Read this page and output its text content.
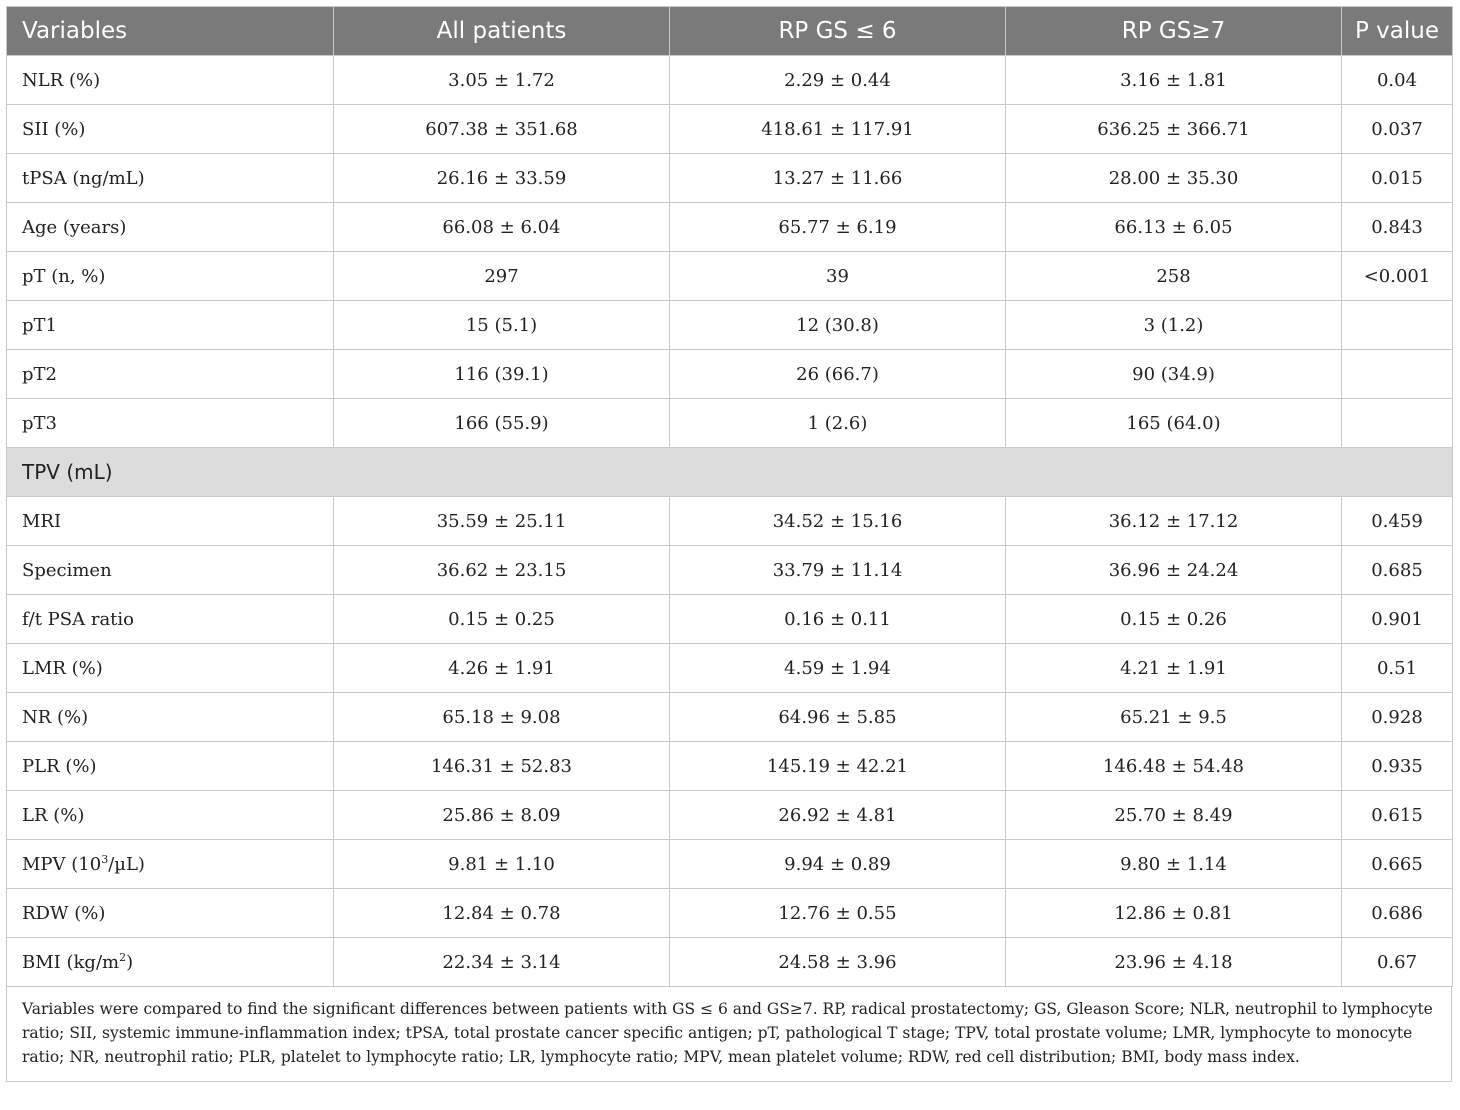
Variables	All patients	RP GS ≤ 6	RP GS≥7	P value
NLR (%)	3.05 ± 1.72	2.29 ± 0.44	3.16 ± 1.81	0.04
SII (%)	607.38 ± 351.68	418.61 ± 117.91	636.25 ± 366.71	0.037
tPSA (ng/mL)	26.16 ± 33.59	13.27 ± 11.66	28.00 ± 35.30	0.015
Age (years)	66.08 ± 6.04	65.77 ± 6.19	66.13 ± 6.05	0.843
pT (n, %)	297	39	258	<0.001
pT1	15 (5.1)	12 (30.8)	3 (1.2)	
pT2	116 (39.1)	26 (66.7)	90 (34.9)	
pT3	166 (55.9)	1 (2.6)	165 (64.0)	
TPV (mL)				
MRI	35.59 ± 25.11	34.52 ± 15.16	36.12 ± 17.12	0.459
Specimen	36.62 ± 23.15	33.79 ± 11.14	36.96 ± 24.24	0.685
f/t PSA ratio	0.15 ± 0.25	0.16 ± 0.11	0.15 ± 0.26	0.901
LMR (%)	4.26 ± 1.91	4.59 ± 1.94	4.21 ± 1.91	0.51
NR (%)	65.18 ± 9.08	64.96 ± 5.85	65.21 ± 9.5	0.928
PLR (%)	146.31 ± 52.83	145.19 ± 42.21	146.48 ± 54.48	0.935
LR (%)	25.86 ± 8.09	26.92 ± 4.81	25.70 ± 8.49	0.615
MPV $(10^3/\mu L)$	9.81 ± 1.10	9.94 ± 0.89	9.80 ± 1.14	0.665
RDW (%)	12.84 ± 0.78	12.76 ± 0.55	12.86 ± 0.81	0.686
BMI $(kg/m^2)$	22.34 ± 3.14	24.58 ± 3.96	23.96 ± 4.18	0.67
Variables were compared to find the significant differences between patients with GS ≤ 6 and GS≥7. RP, radical prostatectomy; GS, Gleason Score; NLR, neutrophil to lymphocyte ratio; SII, systemic immune-inflammation index; tPSA, total prostate cancer specific antigen; pT, pathological T stage; TPV, total prostate volume; LMR, lymphocyte to monocyte ratio; NR, neutrophil ratio; PLR, platelet to lymphocyte ratio; LR, lymphocyte ratio; MPV, mean platelet volume; RDW, red cell distribution; BMI, body mass index.
